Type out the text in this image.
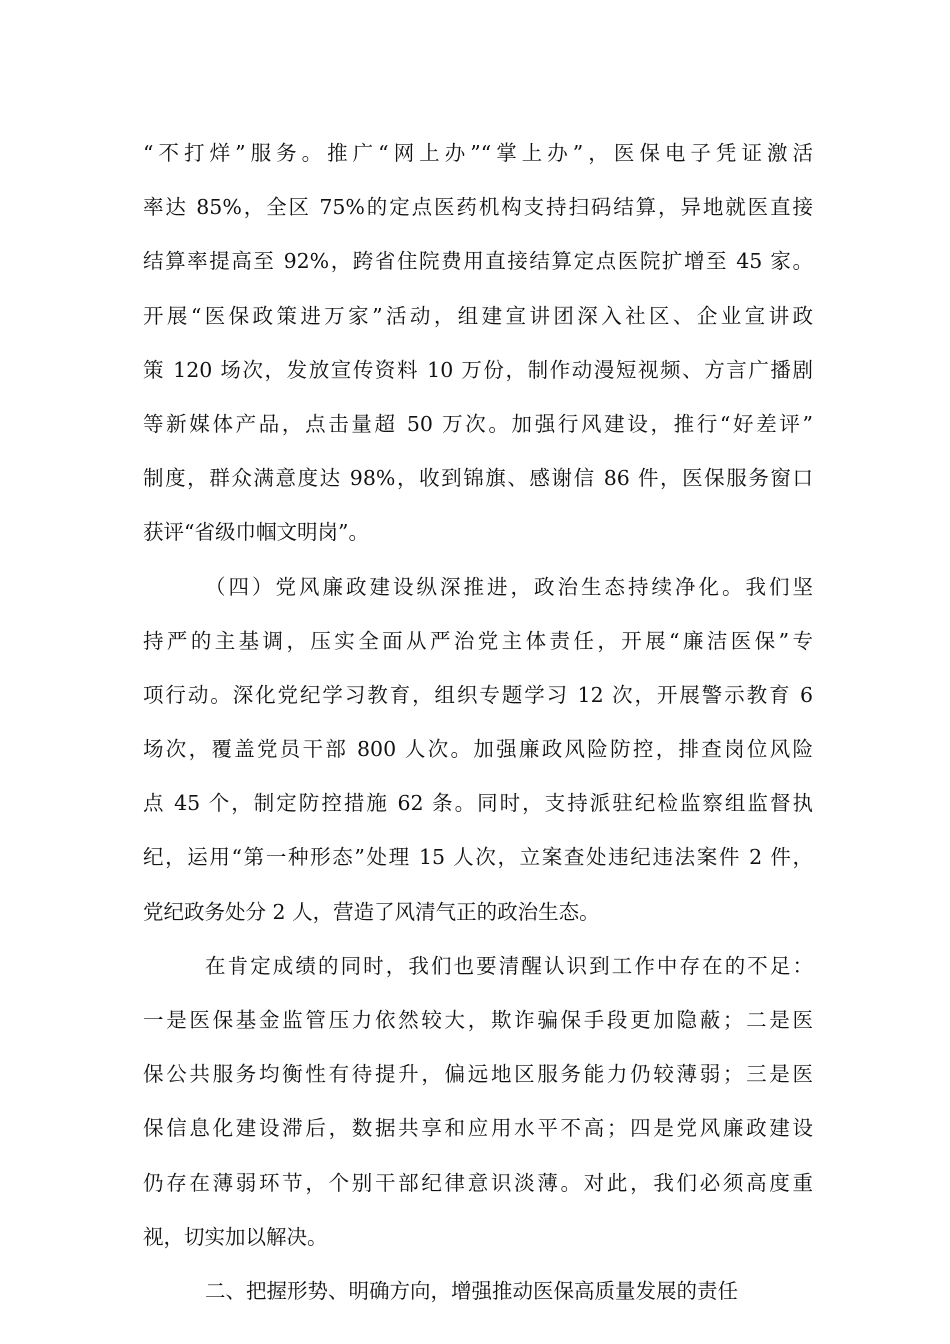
“不打烊”服务。推广“网上办”“掌上办”，医保电子凭证激活
率达 85%，全区 75%的定点医药机构支持扫码结算，异地就医直接
结算率提高至 92%，跨省住院费用直接结算定点医院扩增至 45 家。
开展“医保政策进万家”活动，组建宣讲团深入社区、企业宣讲政
策 120 场次，发放宣传资料 10 万份，制作动漫短视频、方言广播剧
等新媒体产品，点击量超 50 万次。加强行风建设，推行“好差评”
制度，群众满意度达 98%，收到锦旗、感谢信 86 件，医保服务窗口
获评“省级巾帼文明岗”。
（四）党风廉政建设纵深推进，政治生态持续净化。我们坚
持严的主基调，压实全面从严治党主体责任，开展“廉洁医保”专
项行动。深化党纪学习教育，组织专题学习 12 次，开展警示教育 6
场次，覆盖党员干部 800 人次。加强廉政风险防控，排查岗位风险
点 45 个，制定防控措施 62 条。同时，支持派驻纪检监察组监督执
纪，运用“第一种形态”处理 15 人次，立案查处违纪违法案件 2 件，
党纪政务处分 2 人，营造了风清气正的政治生态。
在肯定成绩的同时，我们也要清醒认识到工作中存在的不足：
一是医保基金监管压力依然较大，欺诈骗保手段更加隐蔽；二是医
保公共服务均衡性有待提升，偏远地区服务能力仍较薄弱；三是医
保信息化建设滞后，数据共享和应用水平不高；四是党风廉政建设
仍存在薄弱环节，个别干部纪律意识淡薄。对此，我们必须高度重
视，切实加以解决。
二、把握形势、明确方向，增强推动医保高质量发展的责任
